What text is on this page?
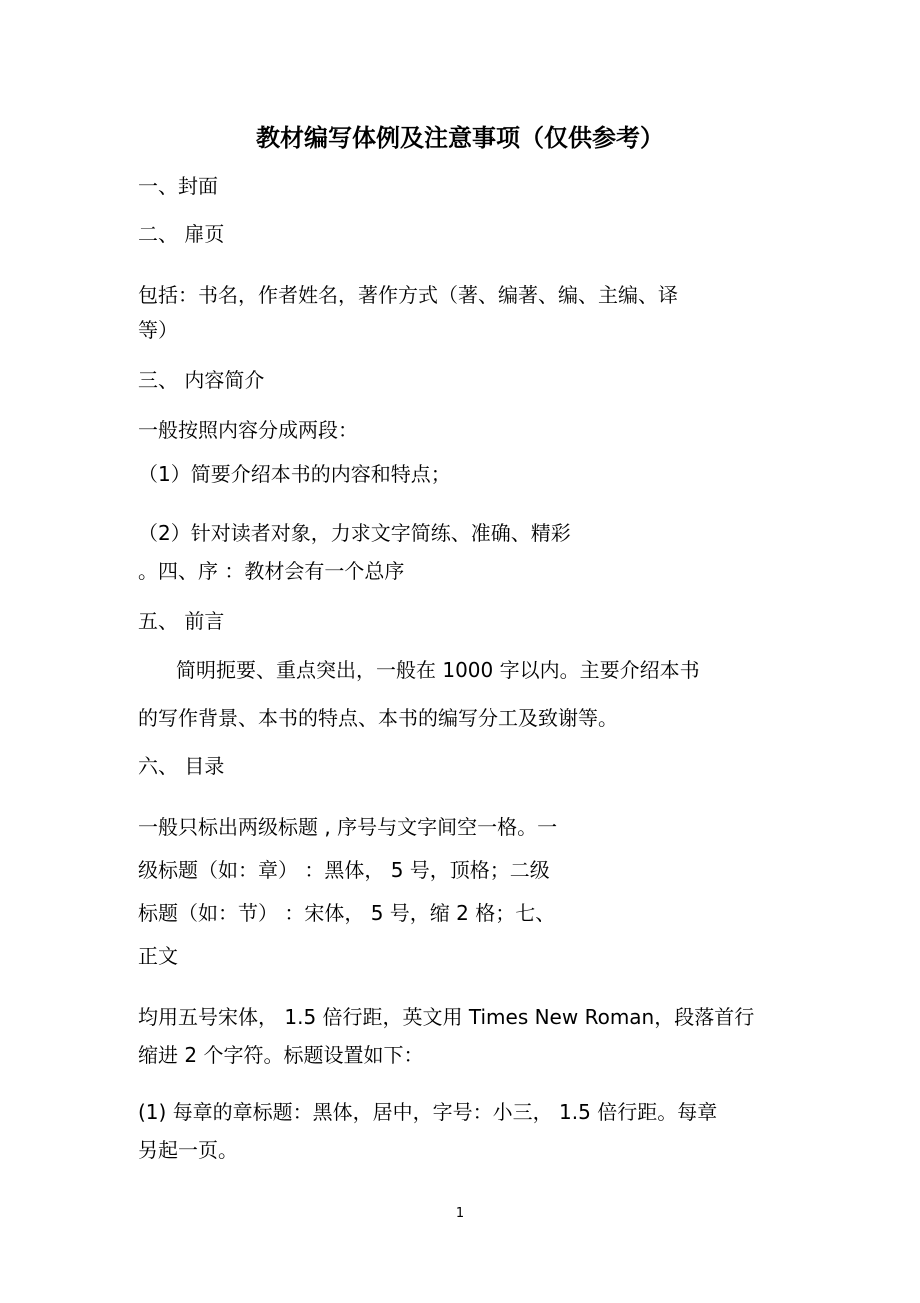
教材编写体例及注意事项（仅供参考）

一、封面

二、 扉页

包括：书名，作者姓名，著作方式（著、编著、编、主编、译

等）

三、 内容简介

一般按照内容分成两段：

（1）简要介绍本书的内容和特点；

（2）针对读者对象，力求文字简练、准确、精彩

。四、序 ：教材会有一个总序

五、 前言

简明扼要、重点突出，一般在 1000 字以内。主要介绍本书

的写作背景、本书的特点、本书的编写分工及致谢等。

六、 目录

一般只标出两级标题 , 序号与文字间空一格。一

级标题（如：章） ：黑体， 5 号，顶格；二级

标题（如：节） ：宋体， 5 号，缩 2 格；七、

正文

均用五号宋体， 1.5 倍行距，英文用 Times New Roman，段落首行

缩进 2 个字符。标题设置如下：

(1) 每章的章标题：黑体，居中，字号：小三， 1.5 倍行距。每章

另起一页。

1
